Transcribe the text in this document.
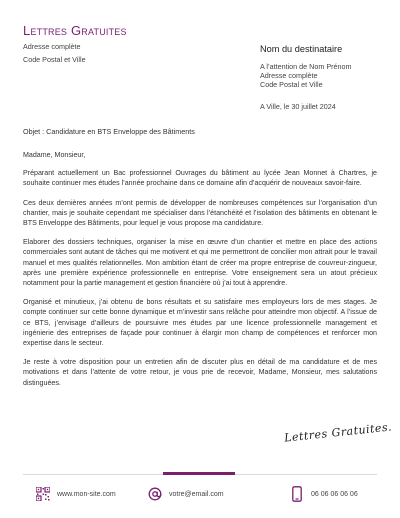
Lettres Gratuites
Adresse complète
Code Postal et Ville
Nom du destinataire
A l’attention de Nom Prénom
Adresse complète
Code Postal et Ville
A Ville, le 30 juillet 2024
Objet : Candidature en BTS Enveloppe des Bâtiments

Madame, Monsieur,

Préparant actuellement un Bac professionnel Ouvrages du bâtiment au lycée Jean Monnet à Chartres, je souhaite continuer mes études l’année prochaine dans ce domaine afin d’acquérir de nouveaux savoir-faire.

Ces deux dernières années m’ont permis de développer de nombreuses compétences sur l’organisation d’un chantier, mais je souhaite cependant me spécialiser dans l’étanchéité et l’isolation des bâtiments en obtenant le BTS Enveloppe des Bâtiments, pour lequel je vous propose ma candidature.

Elaborer des dossiers techniques, organiser la mise en œuvre d’un chantier et mettre en place des actions commerciales sont autant de tâches qui me motivent et qui me permettront de concilier mon attrait pour le travail manuel et mes qualités relationnelles. Mon ambition étant de créer ma propre entreprise de couvreur-zingueur, après une première expérience professionnelle en entreprise. Votre enseignement sera un atout précieux notamment pour la partie management et gestion financière où j’ai tout à apprendre.

Organisé et minutieux, j’ai obtenu de bons résultats et su satisfaire mes employeurs lors de mes stages. Je compte continuer sur cette bonne dynamique et m’investir sans relâche pour atteindre mon objectif. A l’issue de ce BTS, j’envisage d’ailleurs de poursuivre mes études par une licence professionnelle management et ingénierie des entreprises de façade pour continuer à élargir mon champ de compétences et renforcer mon expertise dans le secteur.

Je reste à votre disposition pour un entretien afin de discuter plus en détail de ma candidature et de mes motivations et dans l’attente de votre retour, je vous prie de recevoir, Madame, Monsieur, mes salutations distinguées.

Lettres Gratuites.
www.mon-site.com	votre@email.com	06 06 06 06 06
